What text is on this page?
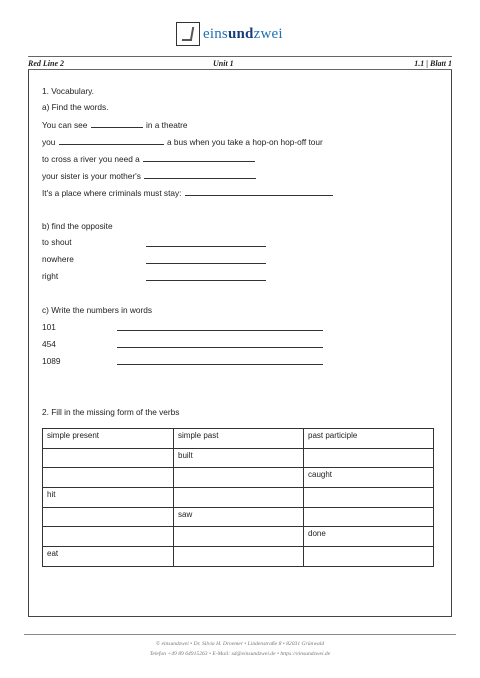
einsundzwei
Red Line 2	Unit 1	1.1 | Blatt 1
1. Vocabulary.
a) Find the words.
You can see	in a theatre
you	a bus when you take a hop-on hop-off tour
to cross a river you need a
your sister is your mother's
It's a place where criminals must stay:
b) find the opposite
to shout
nowhere
right
c) Write the numbers in words
101
454
1089
2. Fill in the missing form of the verbs
simple present	simple past	past participle
	built	
		caught
hit		
	saw	
		done
eat		
© einsundzwei • Dr. Silvia H. Droemer • Lindenstraße 8 • 82031 Grünwald
Telefon +49 89 64915263 • E-Mail: sd@einsundzwei.de • https://einsundzwei.de
